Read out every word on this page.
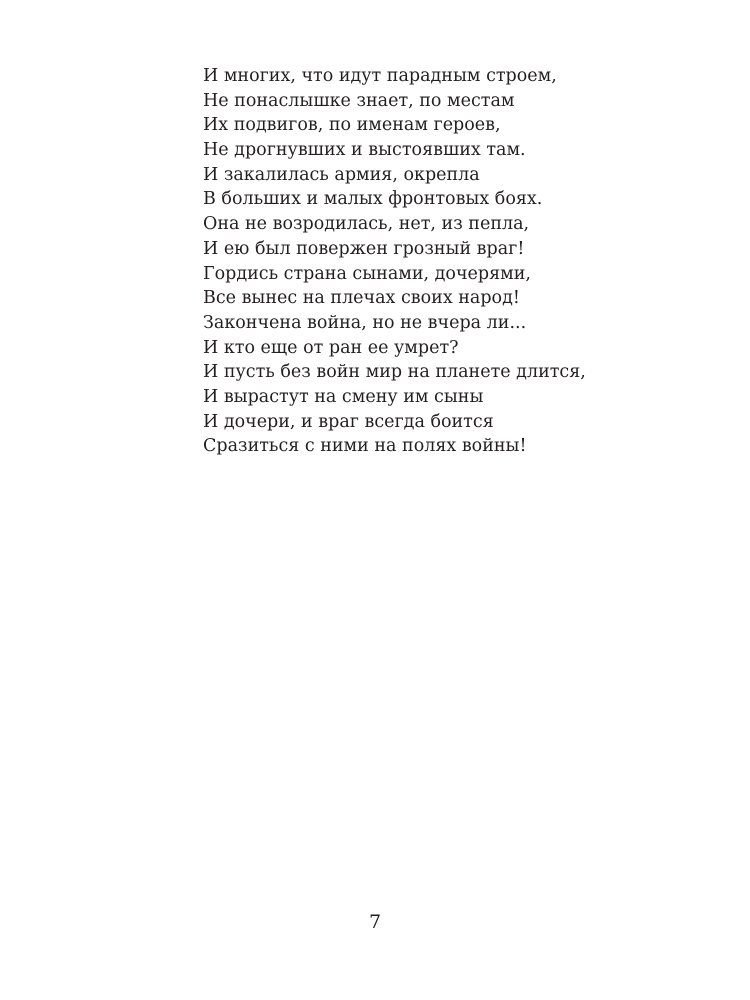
И многих, что идут парадным строем,
Не понаслышке знает, по местам
Их подвигов, по именам героев,
Не дрогнувших и выстоявших там.
И закалилась армия, окрепла
В больших и малых фронтовых боях.
Она не возродилась, нет, из пепла,
И ею был повержен грозный враг!
Гордись страна сынами, дочерями,
Все вынес на плечах своих народ!
Закончена война, но не вчера ли...
И кто еще от ран ее умрет?
И пусть без войн мир на планете длится,
И вырастут на смену им сыны
И дочери, и враг всегда боится
Сразиться с ними на полях войны!
7
